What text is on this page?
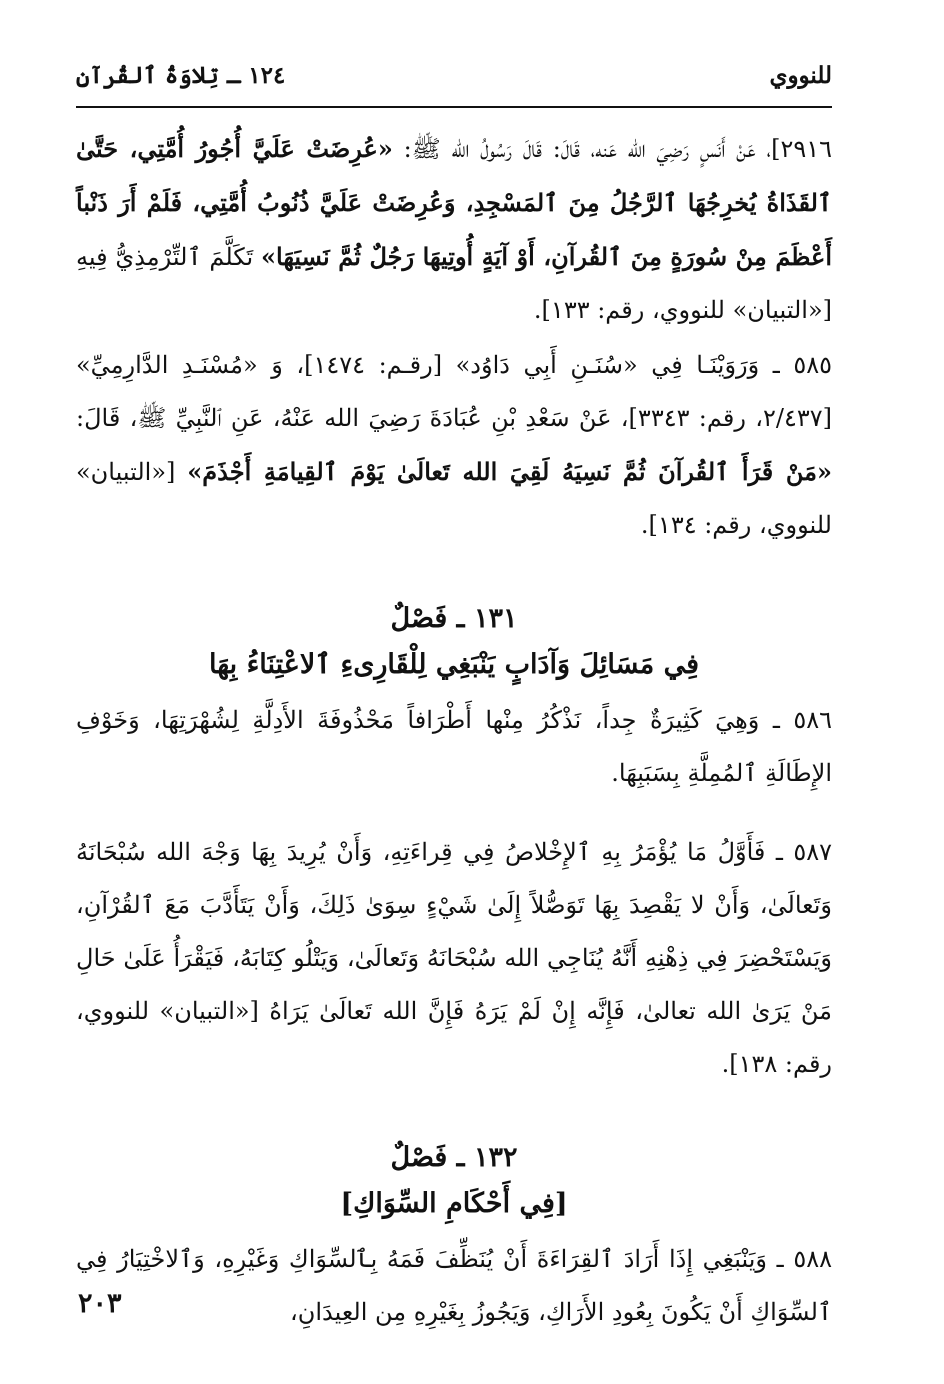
للنووي
١٢٤ ـ تِلاوَةُ ٱلقُرآنِ

٢٩١٦]، عَنْ أَنَسٍ رَضِيَ الله عَنه، قَالَ: قَالَ رَسُولُ الله ﷺ: «عُرِضَتْ عَلَيَّ أُجُورُ أُمَّتِي، حَتَّىٰ ٱلقَذَاةُ يُخرِجُهَا ٱلرَّجُلُ مِنَ ٱلمَسْجِدِ، وَعُرِضَتْ عَلَيَّ ذُنُوبُ أُمَّتِي، فَلَمْ أَرَ ذَنْباً أَعْظَمَ مِنْ سُورَةٍ مِنَ ٱلقُرآنِ، أَوْ آيَةٍ أُوتِيهَا رَجُلٌ ثُمَّ نَسِيَهَا» تَكَلَّمَ ٱلتِّرْمِذِيُّ فِيهِ [«التبيان» للنووي، رقم: ١٣٣].

٥٨٥ ـ وَرَوَيْنَـا فِي «سُنَـنِ أَبِي دَاوُد» [رقـم: ١٤٧٤]، وَ «مُسْنَـدِ الدَّارِمِيِّ» [٢/٤٣٧، رقم: ٣٣٤٣]، عَنْ سَعْدِ بْنِ عُبَادَةَ رَضِيَ الله عَنْهُ، عَنِ ٱلنَّبِيِّ ﷺ، قَالَ: «مَنْ قَرَأَ ٱلقُرآنَ ثُمَّ نَسِيَهُ لَقِيَ الله تَعالَىٰ يَوْمَ ٱلقِيامَةِ أَجْذَمَ» [«التبيان» للنووي، رقم: ١٣٤].

١٣١ ـ فَصْلٌ
فِي مَسَائِلَ وَآدَابٍ يَنْبَغِي لِلْقَارِىءِ ٱلاعْتِنَاءُ بِهَا

٥٨٦ ـ وَهِيَ كَثِيرَةٌ جِداً، نَذْكُرُ مِنْها أَطْرَافاً مَحْذُوفَةَ الأَدِلَّةِ لِشُهْرَتِهَا، وَخَوْفِ الإِطَالَةِ ٱلمُمِلَّةِ بِسَبَبِهَا.

٥٨٧ ـ فَأَوَّلُ مَا يُؤْمَرُ بِهِ ٱلإِخْلاصُ فِي قِراءَتِهِ، وَأَنْ يُرِيدَ بِهَا وَجْهَ الله سُبْحَانَهُ وَتَعالَىٰ، وَأَنْ لا يَقْصِدَ بِهَا تَوَصُّلاً إِلَىٰ شَيْءٍ سِوَىٰ ذَلِكَ، وَأَنْ يَتَأَدَّبَ مَعَ ٱلقُرْآنِ، وَيَسْتَحْضِرَ فِي ذِهْنِهِ أَنَّهُ يُنَاجِي الله سُبْحَانَهُ وَتَعالَىٰ، وَيَتْلُو كِتَابَهُ، فَيَقْرَأُ عَلَىٰ حَالِ مَنْ يَرَىٰ الله تعالىٰ، فَإِنَّه إِنْ لَمْ يَرَهُ فَإِنَّ الله تَعالَىٰ يَرَاهُ [«التبيان» للنووي، رقم: ١٣٨].

١٣٢ ـ فَصْلٌ
[فِي أَحْكَامِ السِّوَاكِ]

٥٨٨ ـ وَيَنْبَغِي إِذَا أَرَادَ ٱلقِرَاءَةَ أَنْ يُنَظِّفَ فَمَهُ بِٱلسِّوَاكِ وَغَيْرِهِ، وَٱلاخْتِيَارُ فِي ٱلسِّوَاكِ أَنْ يَكُونَ بِعُودِ الأَرَاكِ، وَيَجُوزُ بِغَيْرِهِ مِن العِيدَانِ،

٢٠٣
